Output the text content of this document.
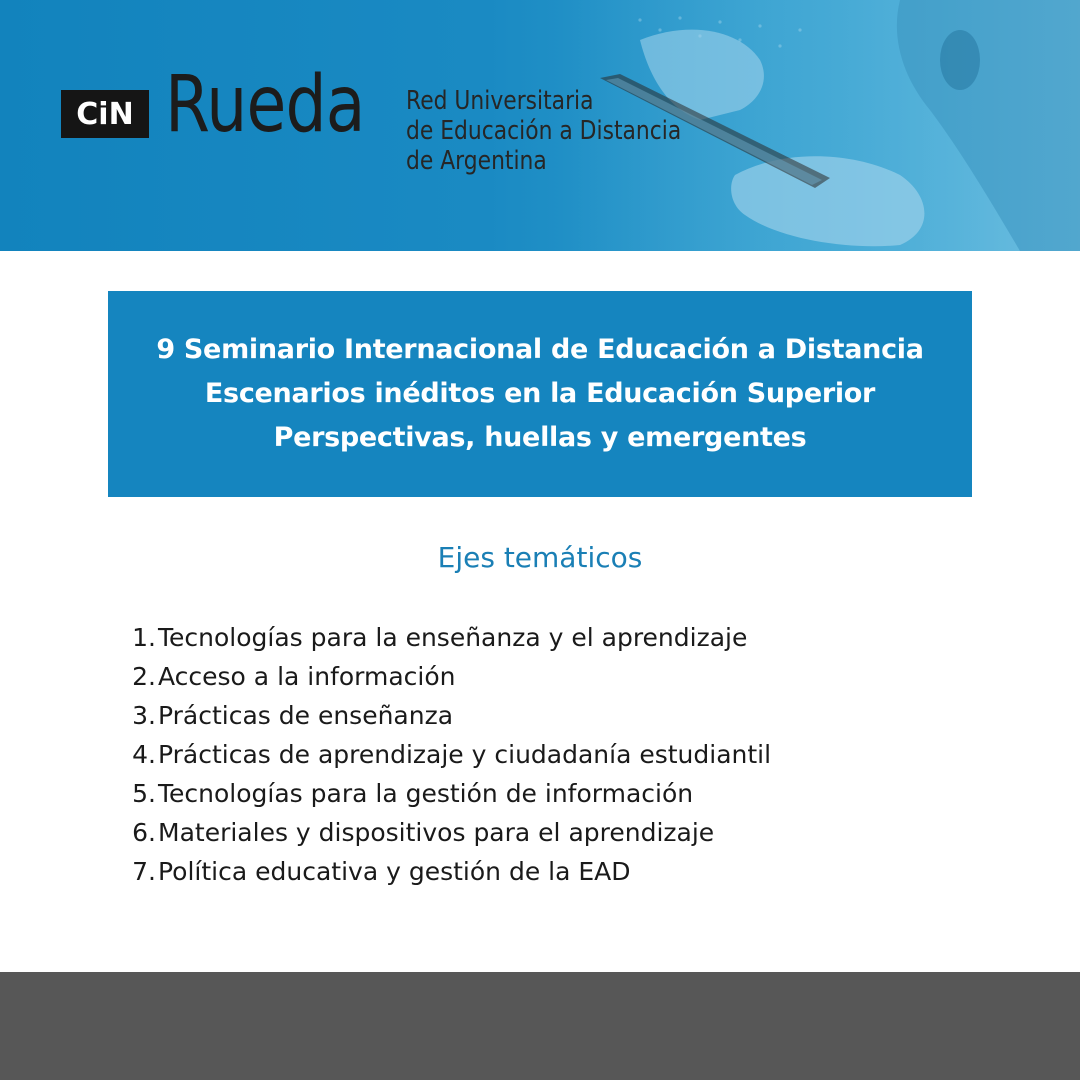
CiN Rueda Red Universitaria
de Educación a Distancia
de Argentina
9 Seminario Internacional de Educación a Distancia
Escenarios inéditos en la Educación Superior
Perspectivas, huellas y emergentes
Ejes temáticos
1. Tecnologías para la enseñanza y el aprendizaje
2. Acceso a la información
3. Prácticas de enseñanza
4. Prácticas de aprendizaje y ciudadanía estudiantil
5. Tecnologías para la gestión de información
6. Materiales y dispositivos para el aprendizaje
7. Política educativa y gestión de la EAD
